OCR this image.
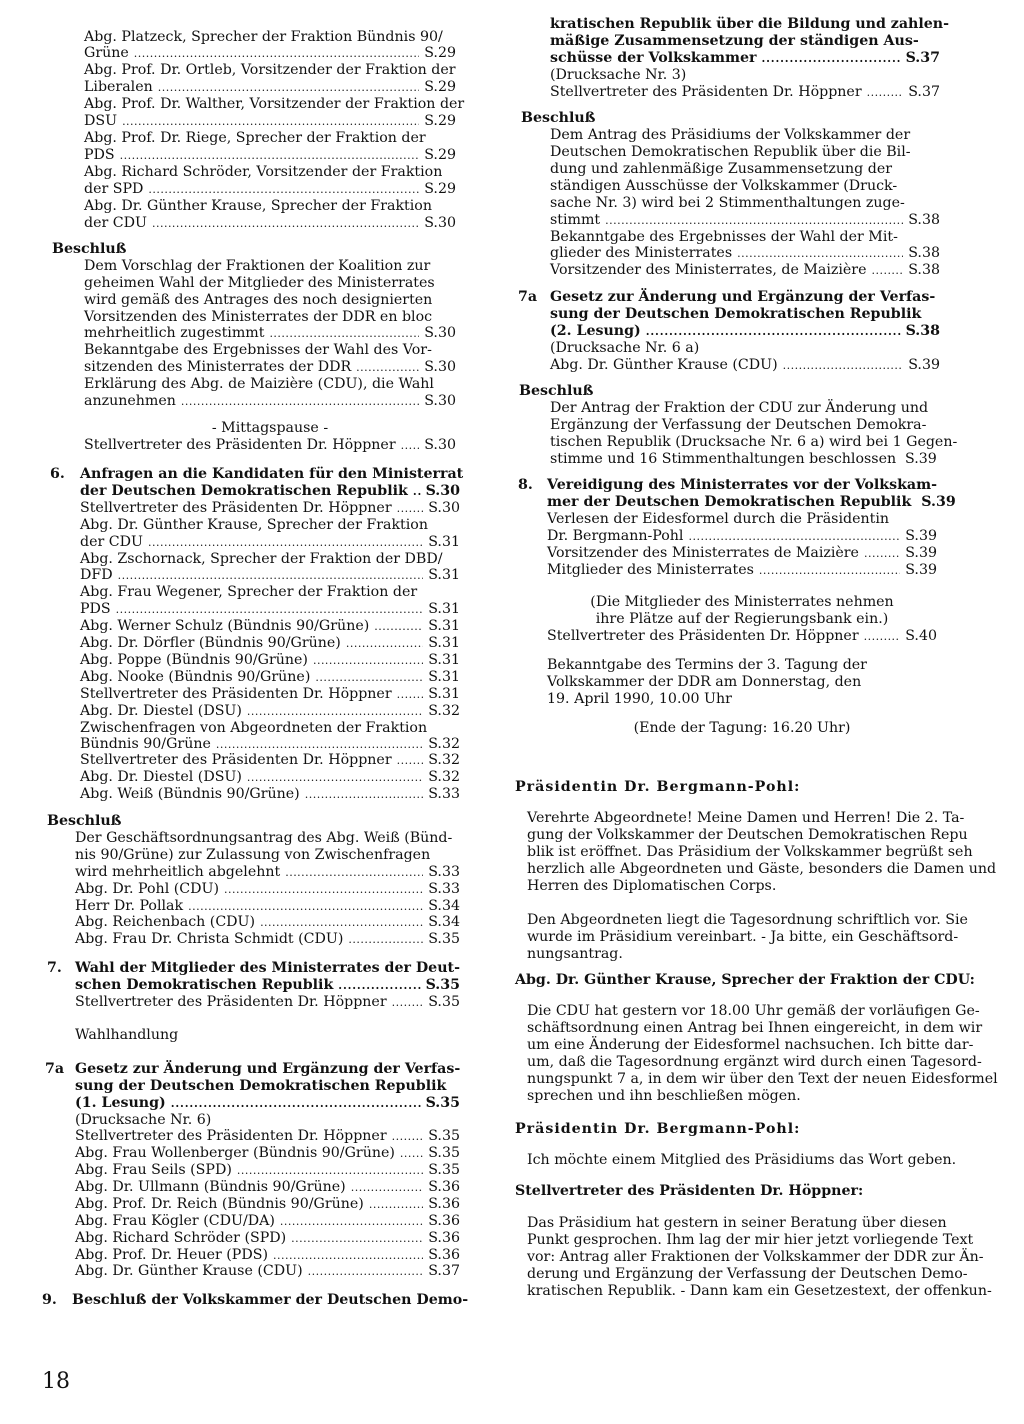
Abg. Platzeck, Sprecher der Fraktion Bündnis 90/
Grüne . . .	S.29
Abg. Prof. Dr. Ortleb, Vorsitzender der Fraktion der
Liberalen . . .	S.29
Abg. Prof. Dr. Walther, Vorsitzender der Fraktion der
DSU . . .	S.29
Abg. Prof. Dr. Riege, Sprecher der Fraktion der
PDS . . .	S.29
Abg. Richard Schröder, Vorsitzender der Fraktion
der SPD . . .	S.29
Abg. Dr. Günther Krause, Sprecher der Fraktion
der CDU . . .	S.30
Beschluß
Dem Vorschlag der Fraktionen der Koalition zur
geheimen Wahl der Mitglieder des Ministerrates
wird gemäß des Antrages des noch designierten
Vorsitzenden des Ministerrates der DDR en bloc
mehrheitlich zugestimmt . . .	S.30
Bekanntgabe des Ergebnisses der Wahl des Vor-
sitzenden des Ministerrates der DDR . . .	S.30
Erklärung des Abg. de Maizière (CDU), die Wahl
anzunehmen . . .	S.30
- Mittagspause -
Stellvertreter des Präsidenten Dr. Höppner . . . S.30
6.	Anfragen an die Kandidaten für den Ministerrat
der Deutschen Demokratischen Republik . . . S.30
Stellvertreter des Präsidenten Dr. Höppner . . .	S.30
Abg. Dr. Günther Krause, Sprecher der Fraktion
der CDU . . .	S.31
Abg. Zschornack, Sprecher der Fraktion der DBD/
DFD . . .	S.31
Abg. Frau Wegener, Sprecher der Fraktion der
PDS . . .	S.31
Abg. Werner Schulz (Bündnis 90/Grüne) . . .	S.31
Abg. Dr. Dörfler (Bündnis 90/Grüne) . . .	S.31
Abg. Poppe (Bündnis 90/Grüne) . . .	S.31
Abg. Nooke (Bündnis 90/Grüne) . . .	S.31
Stellvertreter des Präsidenten Dr. Höppner . . .	S.31
Abg. Dr. Diestel (DSU) . . .	S.32
Zwischenfragen von Abgeordneten der Fraktion
Bündnis 90/Grüne . . .	S.32
Stellvertreter des Präsidenten Dr. Höppner . . .	S.32
Abg. Dr. Diestel (DSU) . . .	S.32
Abg. Weiß (Bündnis 90/Grüne) . . .	S.33
Beschluß
Der Geschäftsordnungsantrag des Abg. Weiß (Bünd-
nis 90/Grüne) zur Zulassung von Zwischenfragen
wird mehrheitlich abgelehnt . . .	S.33
Abg. Dr. Pohl (CDU) . . .	S.33
Herr Dr. Pollak . . .	S.34
Abg. Reichenbach (CDU) . . .	S.34
Abg. Frau Dr. Christa Schmidt (CDU) . . .	S.35
7. Wahl der Mitglieder des Ministerrates der Deut-
schen Demokratischen Republik . . .	S.35
Stellvertreter des Präsidenten Dr. Höppner . . .	S.35
Wahlhandlung
7a Gesetz zur Änderung und Ergänzung der Verfas-
sung der Deutschen Demokratischen Republik
(1. Lesung) . . .	S.35
(Drucksache Nr. 6)
Stellvertreter des Präsidenten Dr. Höppner . . .	S.35
Abg. Frau Wollenberger (Bündnis 90/Grüne) . . . S.35
Abg. Frau Seils (SPD) . . .	S.35
Abg. Dr. Ullmann (Bündnis 90/Grüne) . . .	S.36
Abg. Prof. Dr. Reich (Bündnis 90/Grüne) . . .	S.36
Abg. Frau Kögler (CDU/DA) . . .	S.36
Abg. Richard Schröder (SPD) . . .	S.36
Abg. Prof. Dr. Heuer (PDS) . . .	S.36
Abg. Dr. Günther Krause (CDU) . . .	S.37
9.	Beschluß der Volkskammer der Deutschen Demo-
kratischen Republik über die Bildung und zahlen-
mäßige Zusammensetzung der ständigen Aus-
schüsse der Volkskammer . . .	S.37
(Drucksache Nr. 3)
Stellvertreter des Präsidenten Dr. Höppner . . .	S.37
Beschluß
Dem Antrag des Präsidiums der Volkskammer der
Deutschen Demokratischen Republik über die Bil-
dung und zahlenmäßige Zusammensetzung der
ständigen Ausschüsse der Volkskammer (Druck-
sache Nr. 3) wird bei 2 Stimmenthaltungen zuge-
stimmt . . .	S.38
Bekanntgabe des Ergebnisses der Wahl der Mit-
glieder des Ministerrates . . .	S.38
Vorsitzender des Ministerrates, de Maizière . . .	S.38
7a Gesetz zur Änderung und Ergänzung der Verfas-
sung der Deutschen Demokratischen Republik
(2. Lesung) . . .	S.38
(Drucksache Nr. 6 a)
Abg. Dr. Günther Krause (CDU) . . .	S.39
Beschluß
Der Antrag der Fraktion der CDU zur Änderung und
Ergänzung der Verfassung der Deutschen Demokra-
tischen Republik (Drucksache Nr. 6 a) wird bei 1 Gegen-
stimme und 16 Stimmenthaltungen beschlossen S.39
8. Vereidigung des Ministerrates vor der Volkskam-
mer der Deutschen Demokratischen Republik S.39
Verlesen der Eidesformel durch die Präsidentin
Dr. Bergmann-Pohl . . .	S.39
Vorsitzender des Ministerrates de Maizière . . .	S.39
Mitglieder des Ministerrates . . .	S.39
(Die Mitglieder des Ministerrates nehmen
ihre Plätze auf der Regierungsbank ein.)
Stellvertreter des Präsidenten Dr. Höppner . . .	S.40
Bekanntgabe des Termins der 3. Tagung der
Volkskammer der DDR am Donnerstag, den
19. April 1990, 10.00 Uhr
(Ende der Tagung: 16.20 Uhr)
Präsidentin Dr. Bergmann-Pohl:
Verehrte Abgeordnete! Meine Damen und Herren! Die 2. Ta-
gung der Volkskammer der Deutschen Demokratischen Repu
blik ist eröffnet. Das Präsidium der Volkskammer begrüßt seh
herzlich alle Abgeordneten und Gäste, besonders die Damen und
Herren des Diplomatischen Corps.
Den Abgeordneten liegt die Tagesordnung schriftlich vor. Sie
wurde im Präsidium vereinbart. - Ja bitte, ein Geschäftsord-
nungsantrag.
Abg. Dr. Günther Krause, Sprecher der Fraktion der CDU:
Die CDU hat gestern vor 18.00 Uhr gemäß der vorläufigen Ge-
schäftsordnung einen Antrag bei Ihnen eingereicht, in dem wir
um eine Änderung der Eidesformel nachsuchen. Ich bitte dar-
um, daß die Tagesordnung ergänzt wird durch einen Tagesord-
nungspunkt 7 a, in dem wir über den Text der neuen Eidesformel
sprechen und ihn beschließen mögen.
Präsidentin Dr. Bergmann-Pohl:
Ich möchte einem Mitglied des Präsidiums das Wort geben.
Stellvertreter des Präsidenten Dr. Höppner:
Das Präsidium hat gestern in seiner Beratung über diesen
Punkt gesprochen. Ihm lag der mir hier jetzt vorliegende Text
vor: Antrag aller Fraktionen der Volkskammer der DDR zur Än-
derung und Ergänzung der Verfassung der Deutschen Demo-
kratischen Republik. - Dann kam ein Gesetzestext, der offenkun-
18
